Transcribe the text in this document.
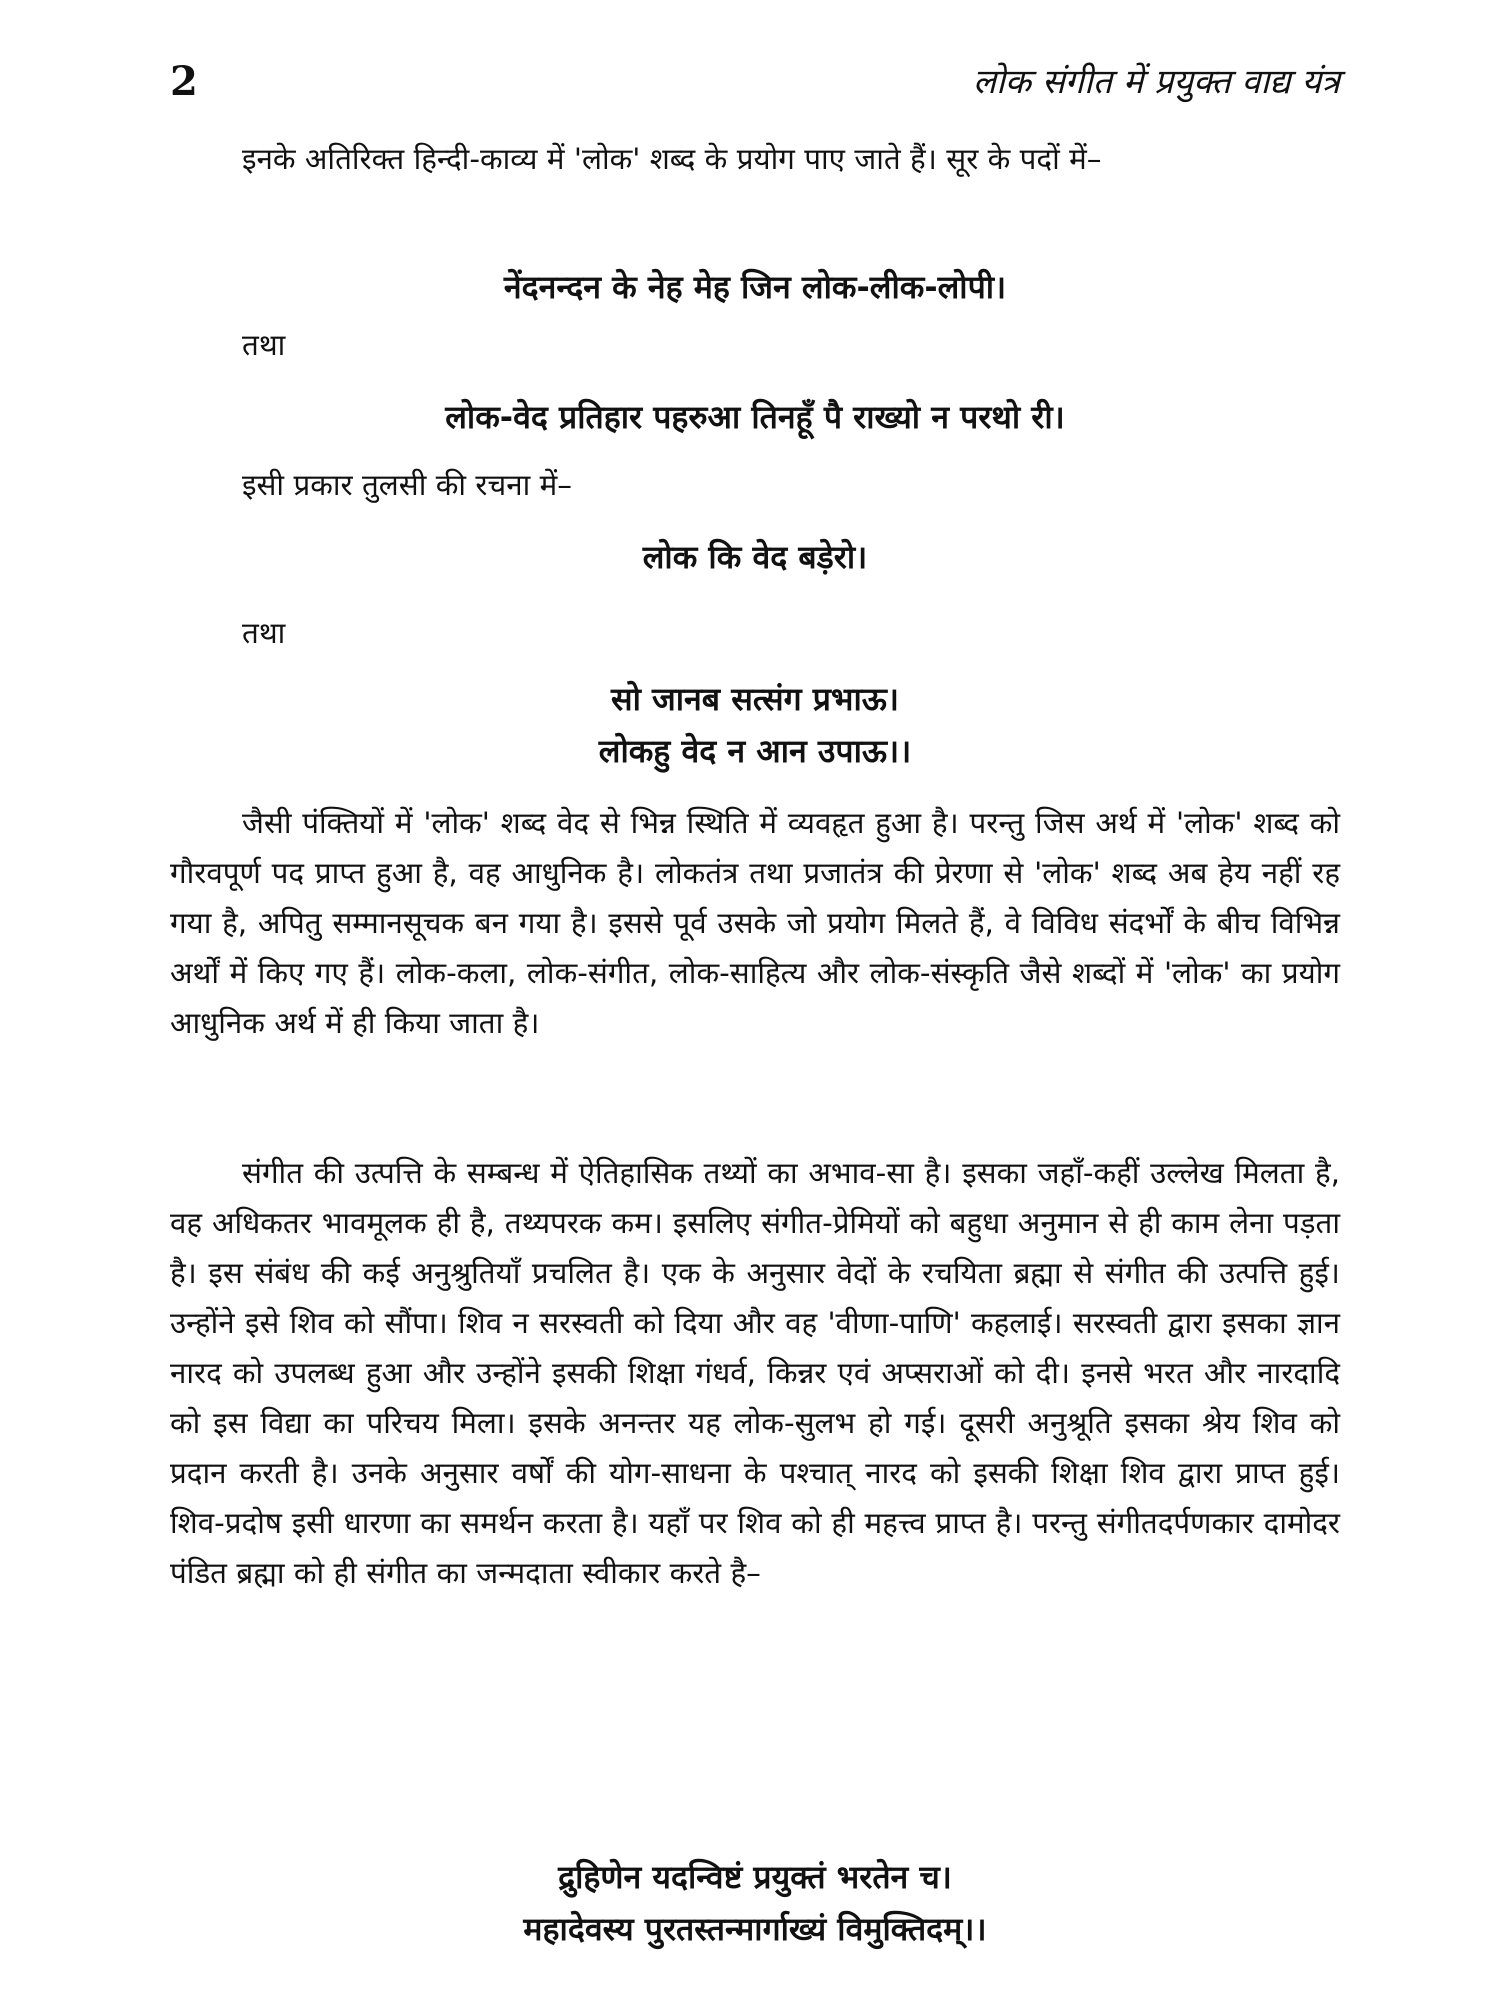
2	लोक संगीत में प्रयुक्त वाद्य यंत्र
इनके अतिरिक्त हिन्दी-काव्य में 'लोक' शब्द के प्रयोग पाए जाते हैं। सूर के पदों में–
नेंदनन्दन के नेह मेह जिन लोक-लीक-लोपी।
तथा
लोक-वेद प्रतिहार पहरुआ तिनहूँ पै राख्यो न परथो री।
इसी प्रकार तुलसी की रचना में–
लोक कि वेद बड़ेरो।
तथा
सो जानब सत्संग प्रभाऊ।
लोकहु वेद न आन उपाऊ।।
जैसी पंक्तियों में 'लोक' शब्द वेद से भिन्न स्थिति में व्यवहृत हुआ है। परन्तु जिस अर्थ में 'लोक' शब्द को गौरवपूर्ण पद प्राप्त हुआ है, वह आधुनिक है। लोकतंत्र तथा प्रजातंत्र की प्रेरणा से 'लोक' शब्द अब हेय नहीं रह गया है, अपितु सम्मानसूचक बन गया है। इससे पूर्व उसके जो प्रयोग मिलते हैं, वे विविध संदर्भों के बीच विभिन्न अर्थों में किए गए हैं। लोक-कला, लोक-संगीत, लोक-साहित्य और लोक-संस्कृति जैसे शब्दों में 'लोक' का प्रयोग आधुनिक अर्थ में ही किया जाता है।
संगीत की उत्पत्ति के सम्बन्ध में ऐतिहासिक तथ्यों का अभाव-सा है। इसका जहाँ-कहीं उल्लेख मिलता है, वह अधिकतर भावमूलक ही है, तथ्यपरक कम। इसलिए संगीत-प्रेमियों को बहुधा अनुमान से ही काम लेना पड़ता है। इस संबंध की कई अनुश्रुतियाँ प्रचलित है। एक के अनुसार वेदों के रचयिता ब्रह्मा से संगीत की उत्पत्ति हुई। उन्होंने इसे शिव को सौंपा। शिव न सरस्वती को दिया और वह 'वीणा-पाणि' कहलाई। सरस्वती द्वारा इसका ज्ञान नारद को उपलब्ध हुआ और उन्होंने इसकी शिक्षा गंधर्व, किन्नर एवं अप्सराओं को दी। इनसे भरत और नारदादि को इस विद्या का परिचय मिला। इसके अनन्तर यह लोक-सुलभ हो गई। दूसरी अनुश्रूति इसका श्रेय शिव को प्रदान करती है। उनके अनुसार वर्षों की योग-साधना के पश्चात् नारद को इसकी शिक्षा शिव द्वारा प्राप्त हुई। शिव-प्रदोष इसी धारणा का समर्थन करता है। यहाँ पर शिव को ही महत्त्व प्राप्त है। परन्तु संगीतदर्पणकार दामोदर पंडित ब्रह्मा को ही संगीत का जन्मदाता स्वीकार करते है–
द्रुहिणेन यदन्विष्टं प्रयुक्तं भरतेन च।
महादेवस्य पुरतस्तन्मार्गाख्यं विमुक्तिदम्।।
